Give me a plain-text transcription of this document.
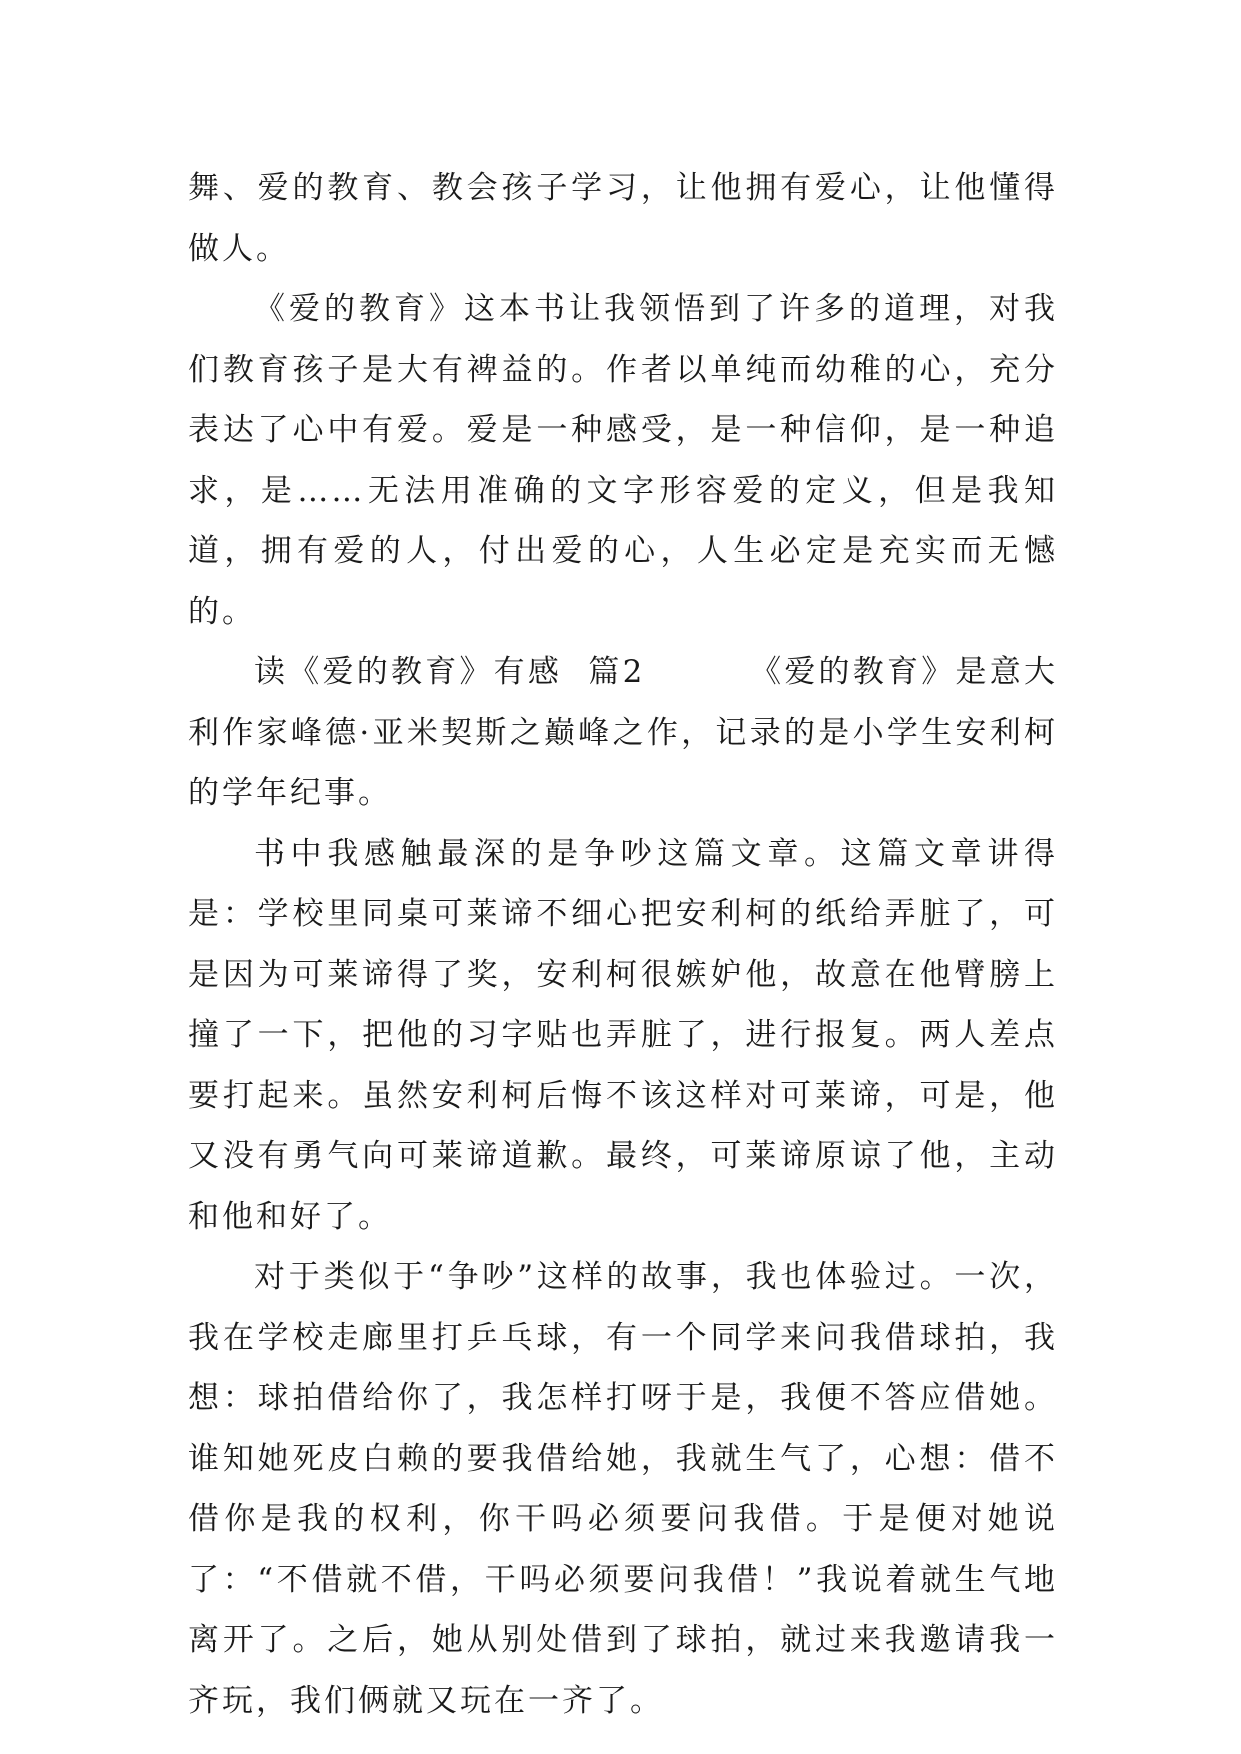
舞、爱的教育、教会孩子学习，让他拥有爱心，让他懂得做人。

《爱的教育》这本书让我领悟到了许多的道理，对我们教育孩子是大有裨益的。作者以单纯而幼稚的心，充分表达了心中有爱。爱是一种感受，是一种信仰，是一种追求，是……无法用准确的文字形容爱的定义，但是我知道，拥有爱的人，付出爱的心，人生必定是充实而无憾的。

读《爱的教育》有感  篇2        《爱的教育》是意大利作家峰德·亚米契斯之巅峰之作，记录的是小学生安利柯的学年纪事。

书中我感触最深的是争吵这篇文章。这篇文章讲得是：学校里同桌可莱谛不细心把安利柯的纸给弄脏了，可是因为可莱谛得了奖，安利柯很嫉妒他，故意在他臂膀上撞了一下，把他的习字贴也弄脏了，进行报复。两人差点要打起来。虽然安利柯后悔不该这样对可莱谛，可是，他又没有勇气向可莱谛道歉。最终，可莱谛原谅了他，主动和他和好了。

对于类似于“争吵”这样的故事，我也体验过。一次，我在学校走廊里打乒乓球，有一个同学来问我借球拍，我想：球拍借给你了，我怎样打呀于是，我便不答应借她。谁知她死皮白赖的要我借给她，我就生气了，心想：借不借你是我的权利，你干吗必须要问我借。于是便对她说了：“不借就不借，干吗必须要问我借！”我说着就生气地离开了。之后，她从别处借到了球拍，就过来我邀请我一齐玩，我们俩就又玩在一齐了。
